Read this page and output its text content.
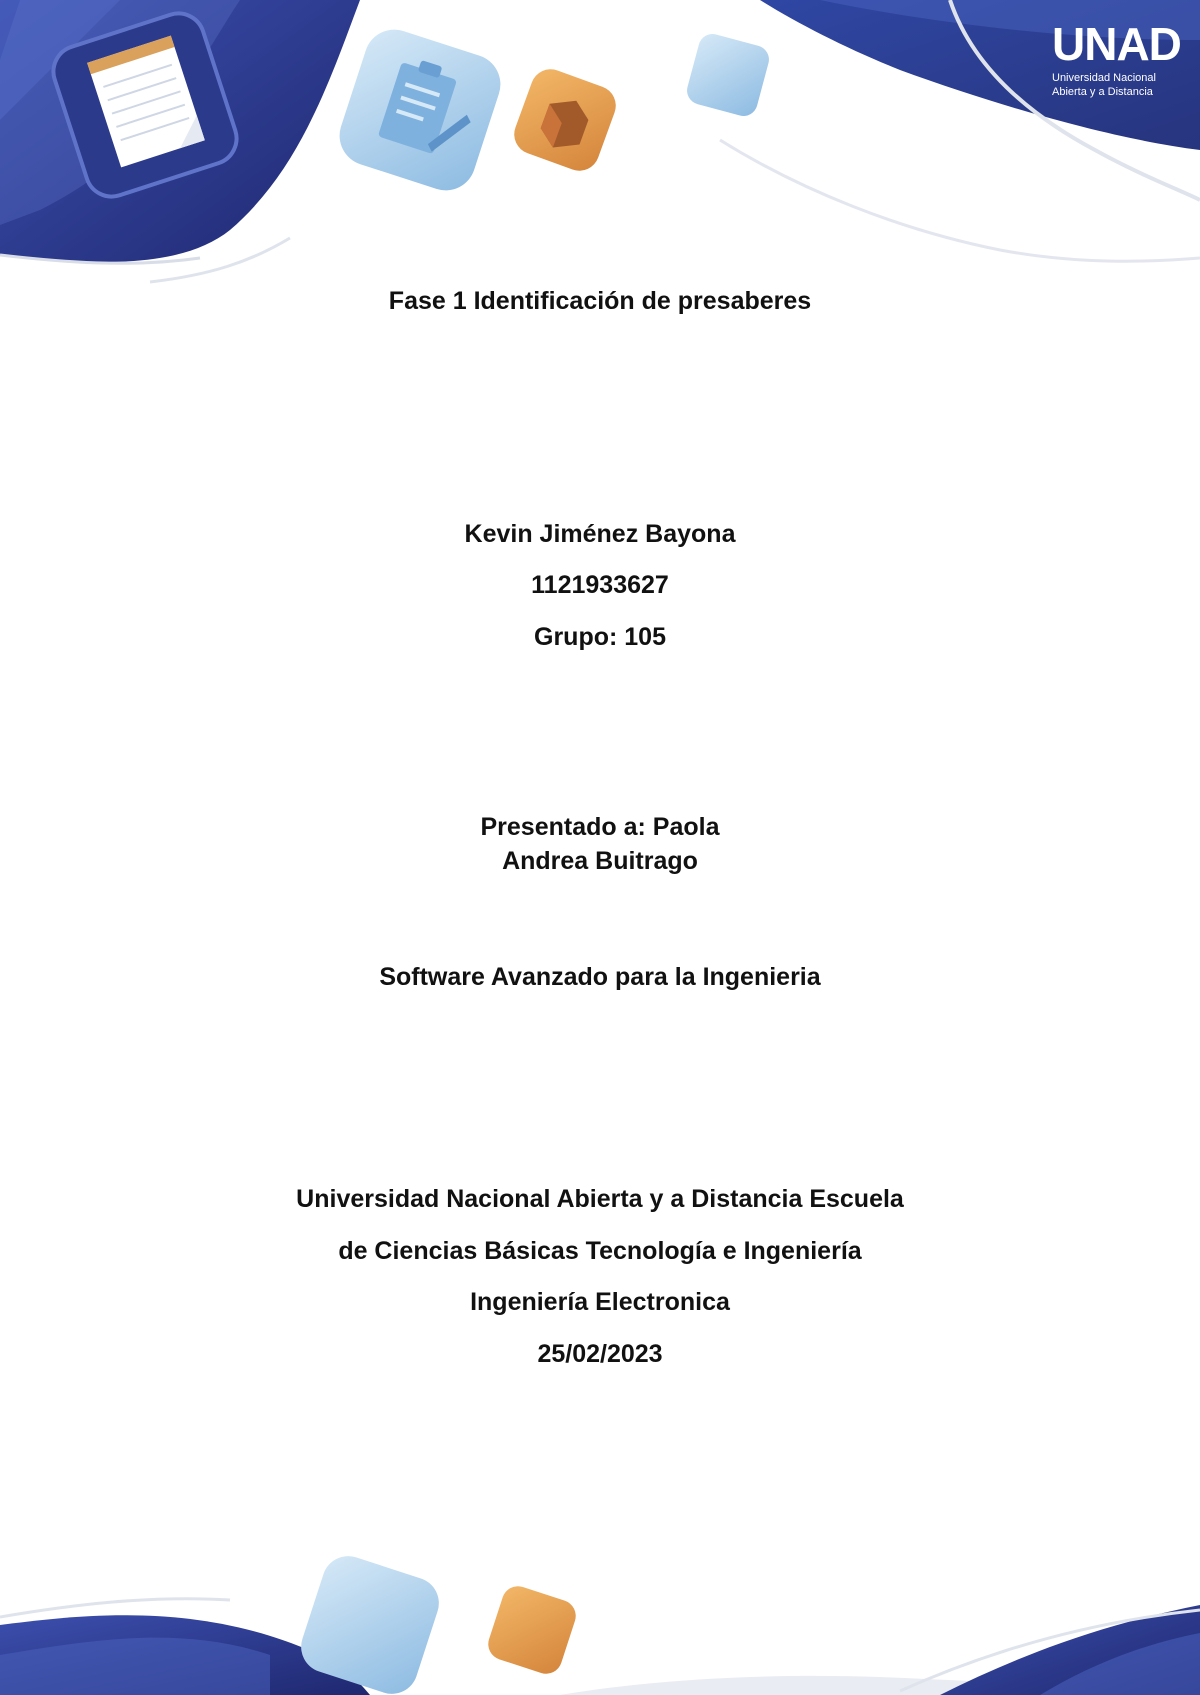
UNAD
Universidad Nacional
Abierta y a Distancia
Fase 1 Identificación de presaberes
Kevin Jiménez Bayona
1121933627
Grupo: 105
Presentado a: Paola
Andrea Buitrago
Software Avanzado para la Ingenieria
Universidad Nacional Abierta y a Distancia Escuela
de Ciencias Básicas Tecnología e Ingeniería
Ingeniería Electronica
25/02/2023
